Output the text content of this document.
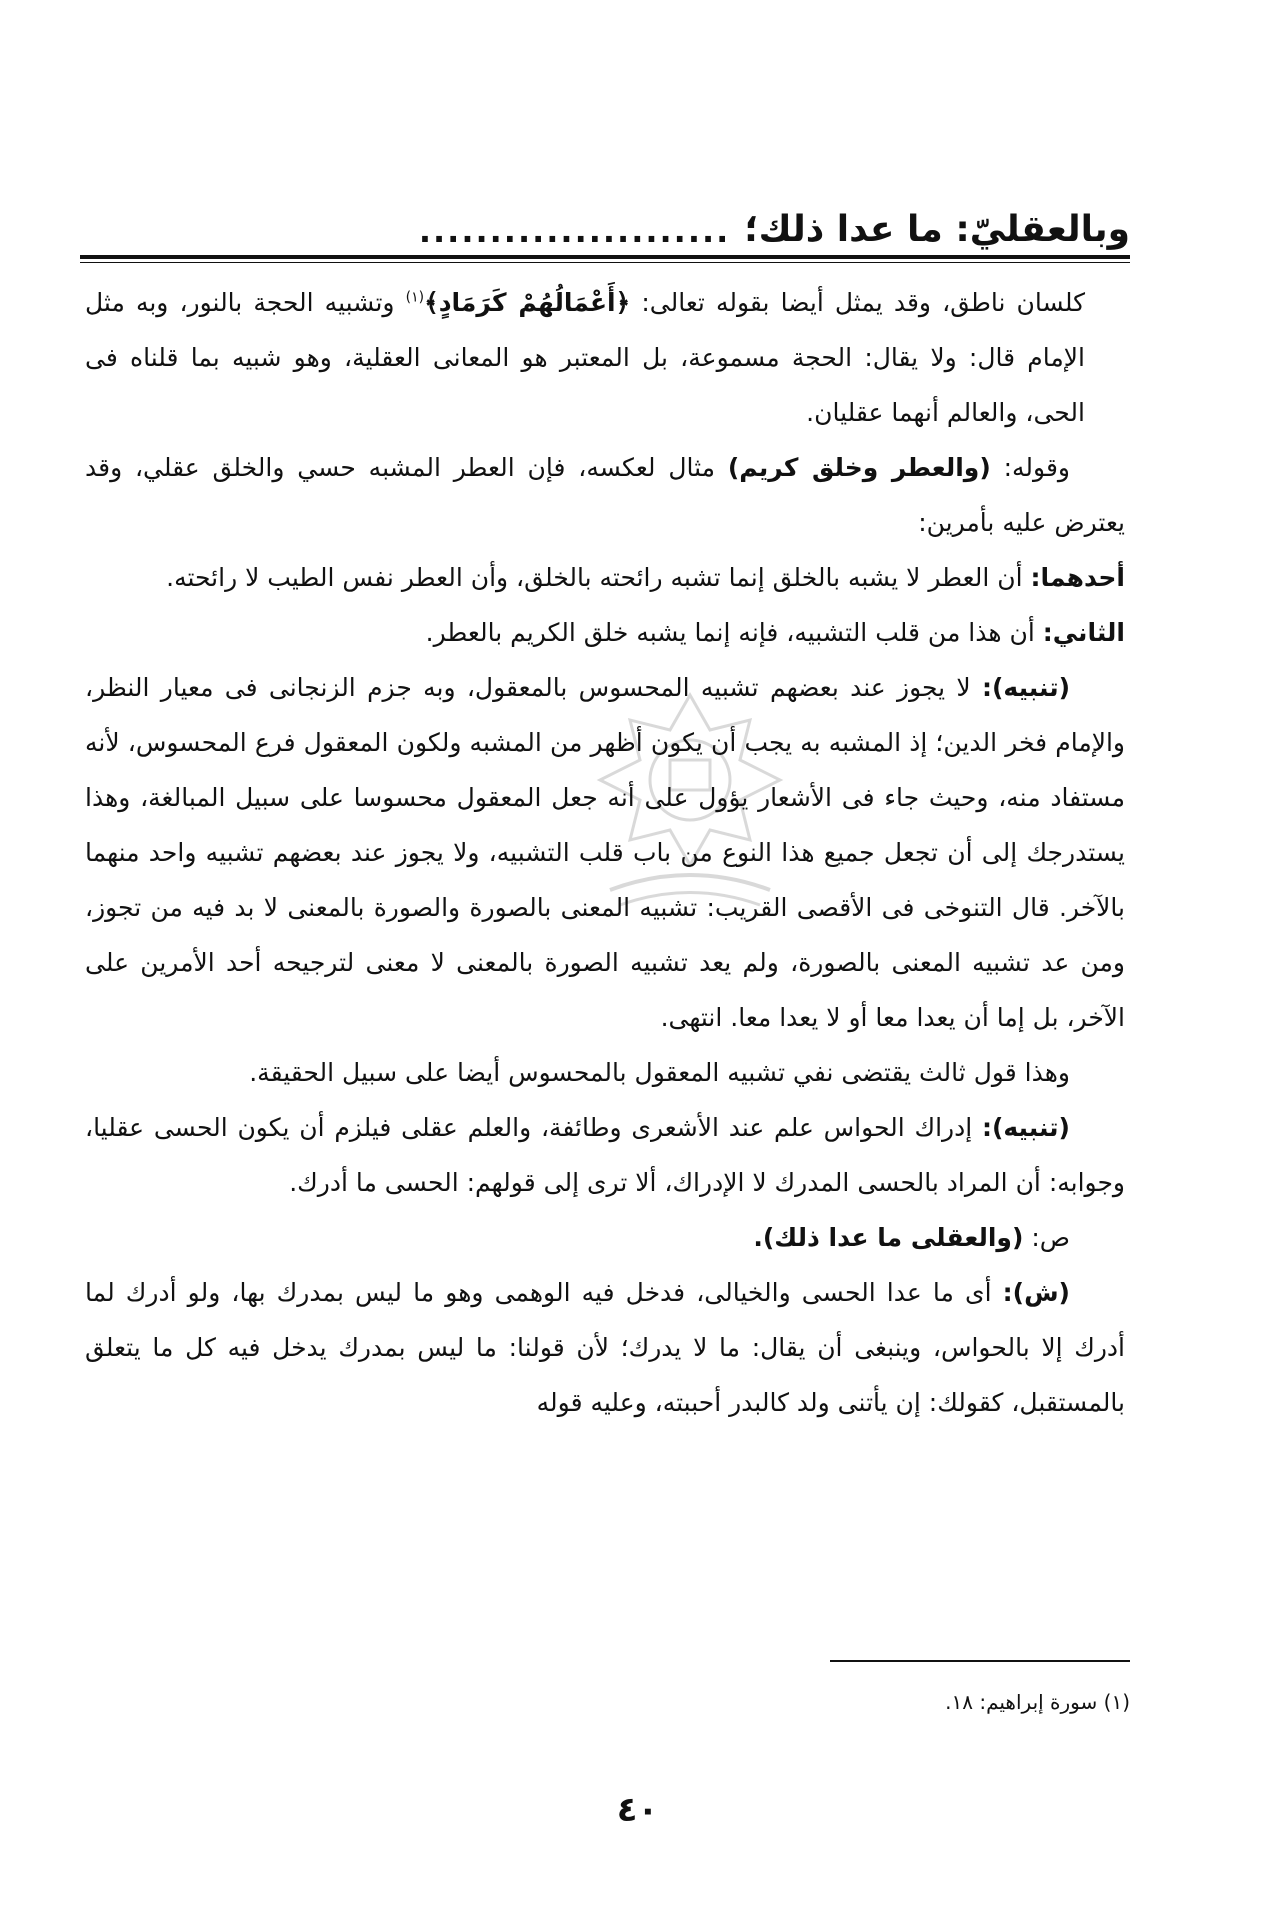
وبالعقليّ: ما عدا ذلك؛
......................

كلسان ناطق، وقد يمثل أيضا بقوله تعالى: ﴿أَعْمَالُهُمْ كَرَمَادٍ﴾$^{(١)}$ وتشبيه الحجة بالنور، وبه مثل الإمام قال: ولا يقال: الحجة مسموعة، بل المعتبر هو المعانى العقلية، وهو شبيه بما قلناه فى الحى، والعالم أنهما عقليان.

وقوله: (والعطر وخلق كريم) مثال لعكسه، فإن العطر المشبه حسي والخلق عقلي، وقد يعترض عليه بأمرين:

أحدهما: أن العطر لا يشبه بالخلق إنما تشبه رائحته بالخلق، وأن العطر نفس الطيب لا رائحته.

الثاني: أن هذا من قلب التشبيه، فإنه إنما يشبه خلق الكريم بالعطر.

(تنبيه): لا يجوز عند بعضهم تشبيه المحسوس بالمعقول، وبه جزم الزنجانى فى معيار النظر، والإمام فخر الدين؛ إذ المشبه به يجب أن يكون أظهر من المشبه ولكون المعقول فرع المحسوس، لأنه مستفاد منه، وحيث جاء فى الأشعار يؤول على أنه جعل المعقول محسوسا على سبيل المبالغة، وهذا يستدرجك إلى أن تجعل جميع هذا النوع من باب قلب التشبيه، ولا يجوز عند بعضهم تشبيه واحد منهما بالآخر. قال التنوخى فى الأقصى القريب: تشبيه المعنى بالصورة والصورة بالمعنى لا بد فيه من تجوز، ومن عد تشبيه المعنى بالصورة، ولم يعد تشبيه الصورة بالمعنى لا معنى لترجيحه أحد الأمرين على الآخر، بل إما أن يعدا معا أو لا يعدا معا. انتهى.

وهذا قول ثالث يقتضى نفي تشبيه المعقول بالمحسوس أيضا على سبيل الحقيقة.

(تنبيه): إدراك الحواس علم عند الأشعرى وطائفة، والعلم عقلى فيلزم أن يكون الحسى عقليا، وجوابه: أن المراد بالحسى المدرك لا الإدراك، ألا ترى إلى قولهم: الحسى ما أدرك.

ص: (والعقلى ما عدا ذلك).

(ش): أى ما عدا الحسى والخيالى، فدخل فيه الوهمى وهو ما ليس بمدرك بها، ولو أدرك لما أدرك إلا بالحواس، وينبغى أن يقال: ما لا يدرك؛ لأن قولنا: ما ليس بمدرك يدخل فيه كل ما يتعلق بالمستقبل، كقولك: إن يأتنى ولد كالبدر أحببته، وعليه قوله

(١) سورة إبراهيم: ١٨.
٤٠
